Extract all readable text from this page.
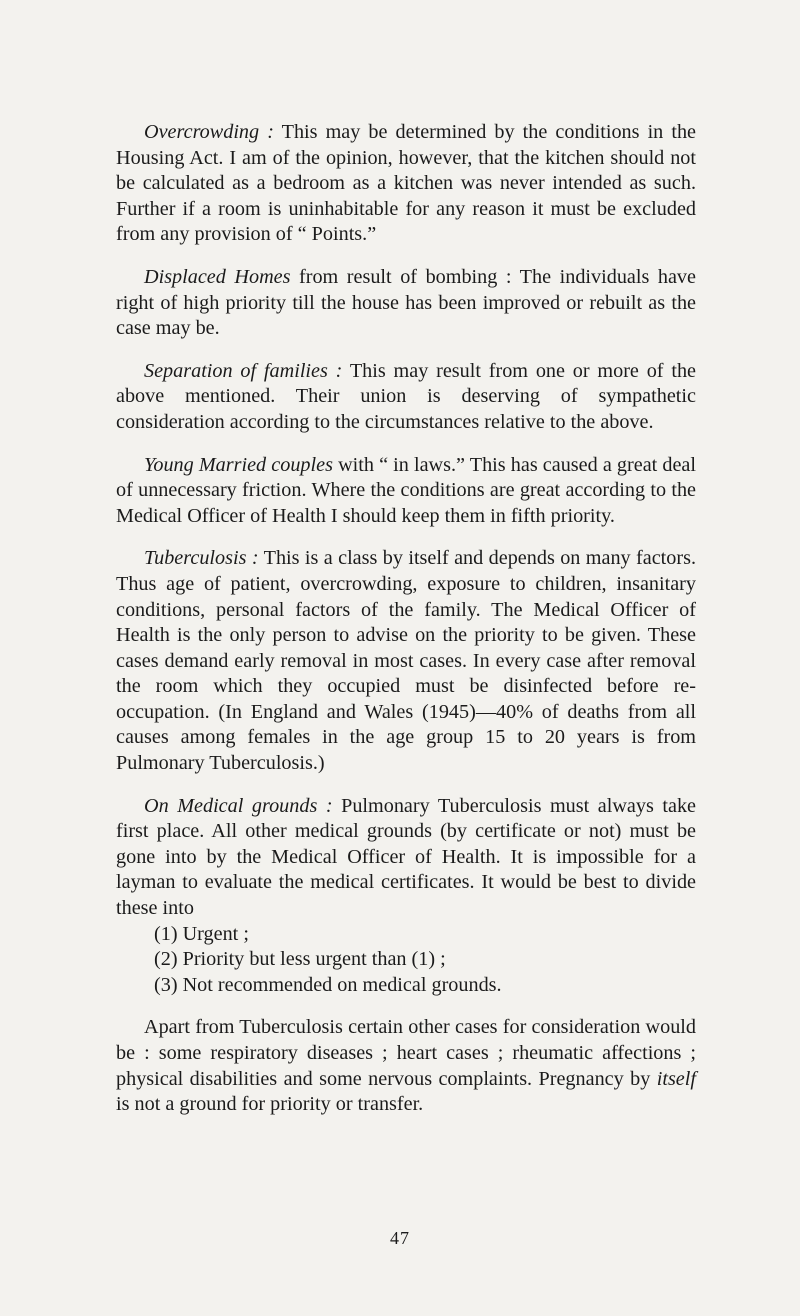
Overcrowding : This may be determined by the conditions in the Housing Act. I am of the opinion, however, that the kitchen should not be calculated as a bedroom as a kitchen was never intended as such. Further if a room is uninhabitable for any reason it must be excluded from any provision of “ Points.”

Displaced Homes from result of bombing : The individuals have right of high priority till the house has been improved or rebuilt as the case may be.

Separation of families : This may result from one or more of the above mentioned. Their union is deserving of sympathetic consideration according to the circumstances relative to the above.

Young Married couples with “ in laws.” This has caused a great deal of unnecessary friction. Where the conditions are great according to the Medical Officer of Health I should keep them in fifth priority.

Tuberculosis : This is a class by itself and depends on many factors. Thus age of patient, overcrowding, exposure to children, insanitary conditions, personal factors of the family. The Medical Officer of Health is the only person to advise on the priority to be given. These cases demand early removal in most cases. In every case after removal the room which they occupied must be disinfected before re-occupation. (In England and Wales (1945)—40% of deaths from all causes among females in the age group 15 to 20 years is from Pulmonary Tuberculosis.)

On Medical grounds : Pulmonary Tuberculosis must always take first place. All other medical grounds (by certificate or not) must be gone into by the Medical Officer of Health. It is impossible for a layman to evaluate the medical certificates. It would be best to divide these into

(1) Urgent ;
(2) Priority but less urgent than (1) ;
(3) Not recommended on medical grounds.

Apart from Tuberculosis certain other cases for consideration would be : some respiratory diseases ; heart cases ; rheumatic affections ; physical disabilities and some nervous complaints. Pregnancy by itself is not a ground for priority or transfer.

47
